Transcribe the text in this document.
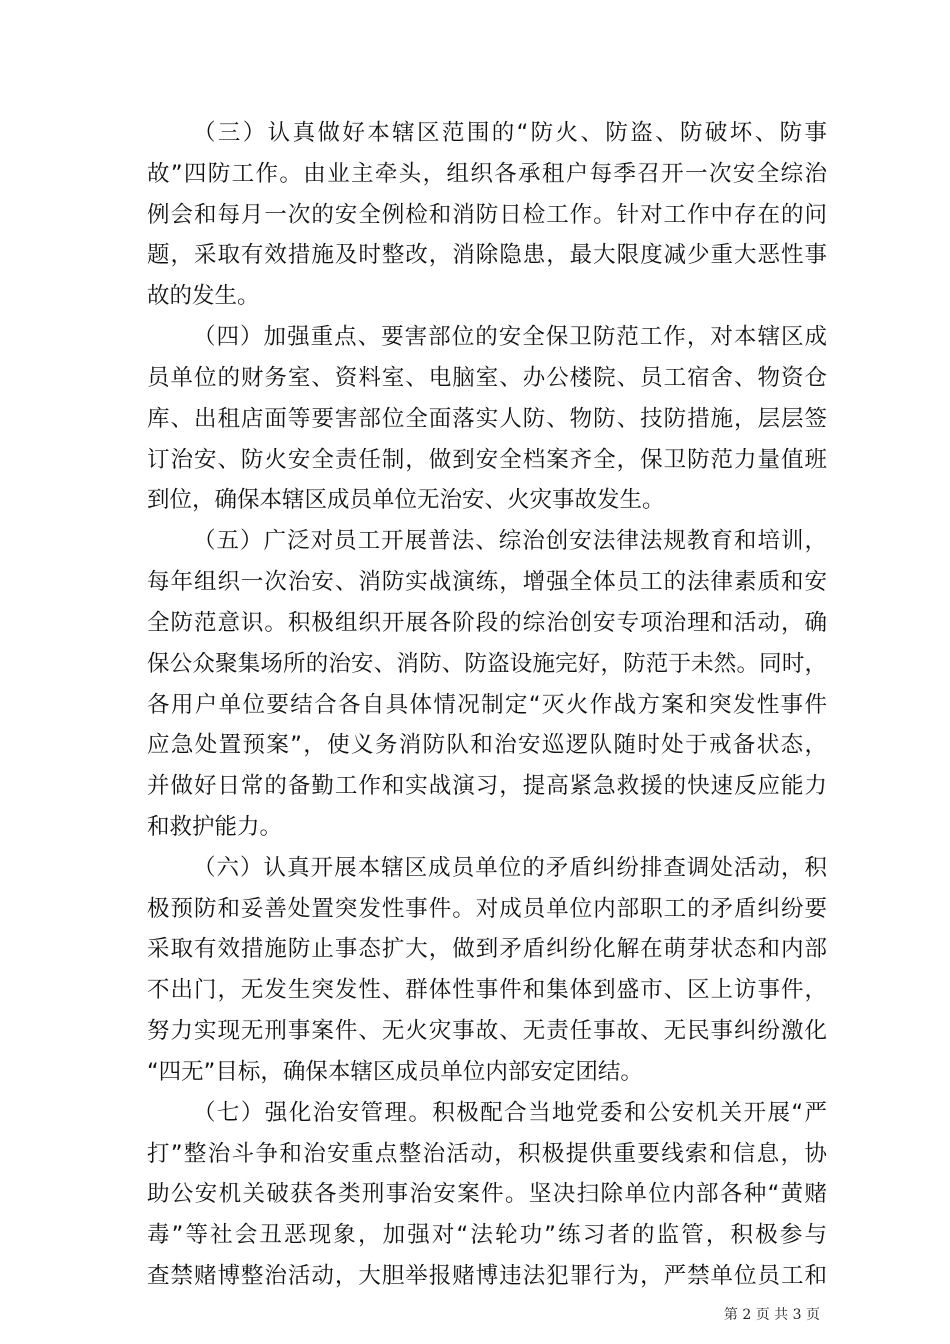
（三）认真做好本辖区范围的“防火、防盗、防破坏、防事
故”四防工作。由业主牵头，组织各承租户每季召开一次安全综治
例会和每月一次的安全例检和消防日检工作。针对工作中存在的问
题，采取有效措施及时整改，消除隐患，最大限度减少重大恶性事
故的发生。
（四）加强重点、要害部位的安全保卫防范工作，对本辖区成
员单位的财务室、资料室、电脑室、办公楼院、员工宿舍、物资仓
库、出租店面等要害部位全面落实人防、物防、技防措施，层层签
订治安、防火安全责任制，做到安全档案齐全，保卫防范力量值班
到位，确保本辖区成员单位无治安、火灾事故发生。
（五）广泛对员工开展普法、综治创安法律法规教育和培训，
每年组织一次治安、消防实战演练，增强全体员工的法律素质和安
全防范意识。积极组织开展各阶段的综治创安专项治理和活动，确
保公众聚集场所的治安、消防、防盗设施完好，防范于未然。同时，
各用户单位要结合各自具体情况制定“灭火作战方案和突发性事件
应急处置预案”，使义务消防队和治安巡逻队随时处于戒备状态，
并做好日常的备勤工作和实战演习，提高紧急救援的快速反应能力
和救护能力。
（六）认真开展本辖区成员单位的矛盾纠纷排查调处活动，积
极预防和妥善处置突发性事件。对成员单位内部职工的矛盾纠纷要
采取有效措施防止事态扩大，做到矛盾纠纷化解在萌芽状态和内部
不出门，无发生突发性、群体性事件和集体到盛市、区上访事件，
努力实现无刑事案件、无火灾事故、无责任事故、无民事纠纷激化
“四无”目标，确保本辖区成员单位内部安定团结。
（七）强化治安管理。积极配合当地党委和公安机关开展“严
打”整治斗争和治安重点整治活动，积极提供重要线索和信息，协
助公安机关破获各类刑事治安案件。坚决扫除单位内部各种“黄赌
毒”等社会丑恶现象，加强对“法轮功”练习者的监管，积极参与
查禁赌博整治活动，大胆举报赌博违法犯罪行为，严禁单位员工和
第 2 页 共 3 页
